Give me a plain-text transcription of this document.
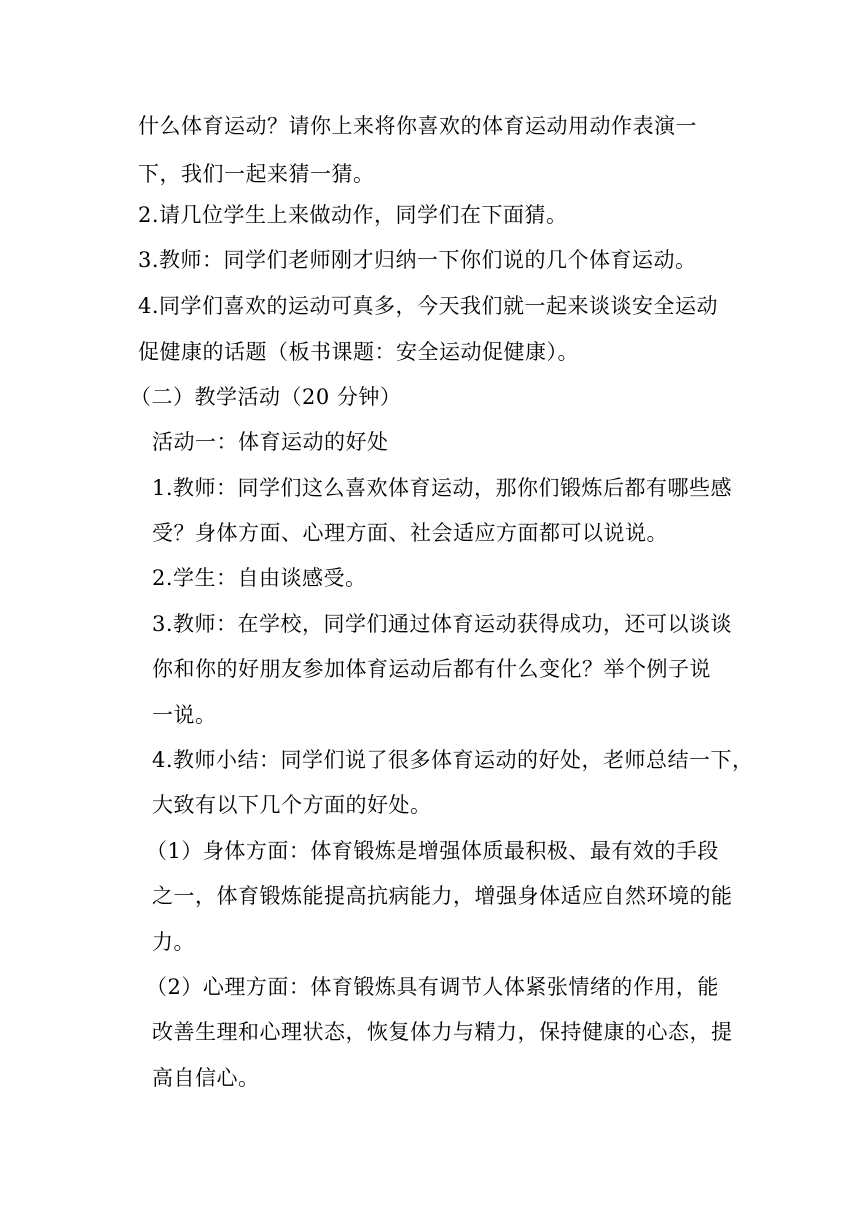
什么体育运动？请你上来将你喜欢的体育运动用动作表演一
下，我们一起来猜一猜。
2.请几位学生上来做动作，同学们在下面猜。
3.教师：同学们老师刚才归纳一下你们说的几个体育运动。
4.同学们喜欢的运动可真多，今天我们就一起来谈谈安全运动
促健康的话题（板书课题：安全运动促健康）。
（二）教学活动（20 分钟）
活动一：体育运动的好处
1.教师：同学们这么喜欢体育运动，那你们锻炼后都有哪些感
受？身体方面、心理方面、社会适应方面都可以说说。
2.学生：自由谈感受。
3.教师：在学校，同学们通过体育运动获得成功，还可以谈谈
你和你的好朋友参加体育运动后都有什么变化？举个例子说
一说。
4.教师小结：同学们说了很多体育运动的好处，老师总结一下，
大致有以下几个方面的好处。
（1）身体方面：体育锻炼是增强体质最积极、最有效的手段
之一，体育锻炼能提高抗病能力，增强身体适应自然环境的能
力。
（2）心理方面：体育锻炼具有调节人体紧张情绪的作用，能
改善生理和心理状态，恢复体力与精力，保持健康的心态，提
高自信心。
